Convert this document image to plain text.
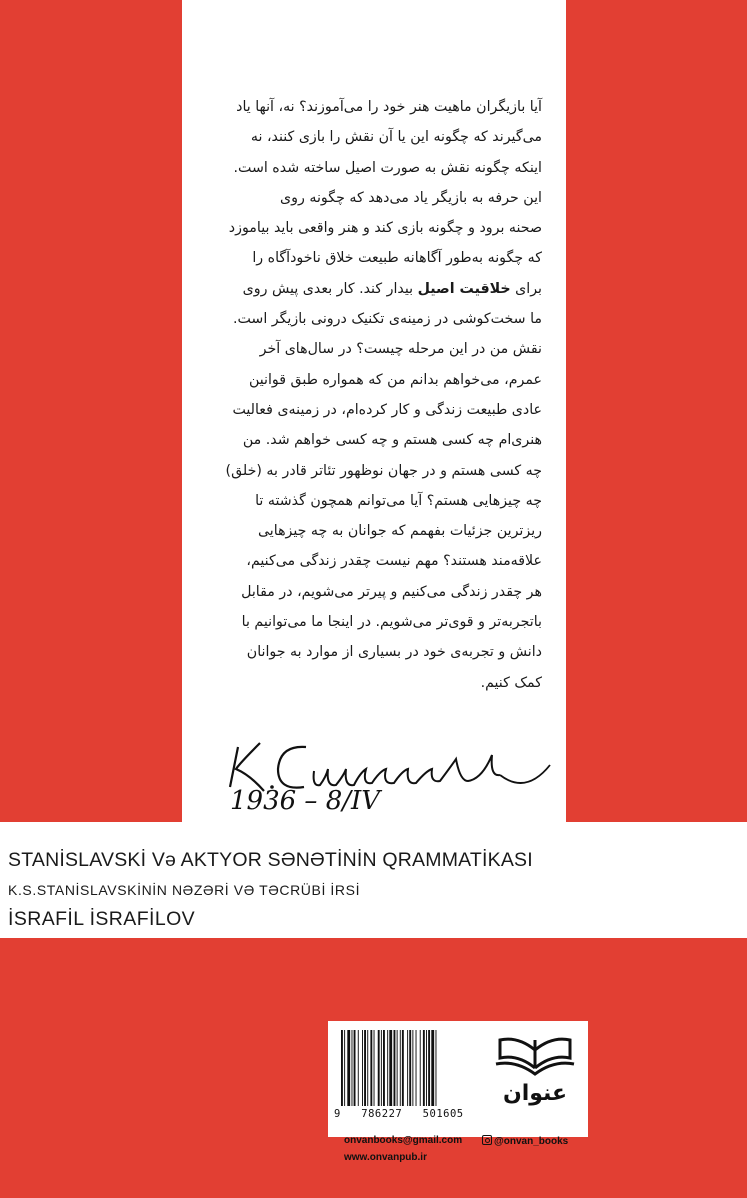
آیا بازیگران ماهیت هنر خود را می‌آموزند؟ نه، آنها یاد

می‌گیرند که چگونه این یا آن نقش را بازی کنند، نه

اینکه چگونه نقش به صورت اصیل ساخته شده است.

این حرفه به بازیگر یاد می‌دهد که چگونه روی

صحنه برود و چگونه بازی کند و هنر واقعی باید بیاموزد

که چگونه به‌طور آگاهانه طبیعت خلاق ناخودآگاه را

برای خلاقیت اصیل بیدار کند. کار بعدی پیش روی

ما سخت‌کوشی در زمینه‌ی تکنیک درونی بازیگر است.

نقش من در این مرحله چیست؟ در سال‌های آخر

عمرم، می‌خواهم بدانم من که همواره طبق قوانین

عادی طبیعت زندگی و کار کرده‌ام، در زمینه‌ی فعالیت

هنری‌ام چه کسی هستم و چه کسی خواهم شد. من

چه کسی هستم و در جهان نوظهور تئاتر قادر به (خلق)

چه چیزهایی هستم؟ آیا می‌توانم همچون گذشته تا

ریزترین جزئیات بفهمم که جوانان به چه چیزهایی

علاقه‌مند هستند؟ مهم نیست چقدر زندگی می‌کنیم،

هر چقدر زندگی می‌کنیم و پیرتر می‌شویم، در مقابل

باتجربه‌تر و قوی‌تر می‌شویم. در اینجا ما می‌توانیم با

دانش و تجربه‌ی خود در بسیاری از موارد به جوانان

کمک کنیم.

1936 – 8/IV
STANİSLAVSKİ Və AKTYOR SƏNƏTİNİN QRAMMATİKASI
K.S.STANİSLAVSKİNİN NƏZƏRİ VƏ TƏCRÜBİ İRSİ
İSRAFİL İSRAFİLOV
9   786227   501605
عنوان
onvanbooks@gmail.com	@onvan_books
www.onvanpub.ir
